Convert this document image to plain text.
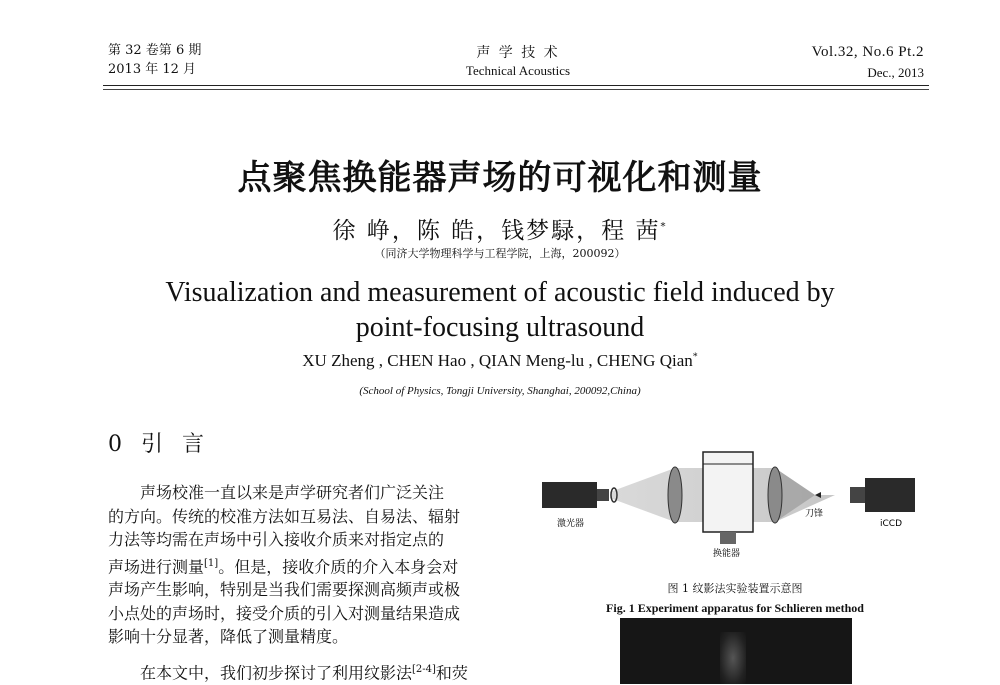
第 32 卷第 6 期
2013 年 12 月
声 学 技 术
Technical Acoustics
Vol.32, No.6 Pt.2
Dec., 2013
点聚焦换能器声场的可视化和测量
徐 峥，陈 皓，钱梦騄，程 茜*
（同济大学物理科学与工程学院，上海，200092）
Visualization and measurement of acoustic field induced by
point-focusing ultrasound
XU Zheng , CHEN Hao , QIAN Meng-lu , CHENG Qian*
(School of Physics, Tongji University, Shanghai, 200092,China)
0 引 言
声场校准一直以来是声学研究者们广泛关注
的方向。传统的校准方法如互易法、自易法、辐射
力法等均需在声场中引入接收介质来对指定点的
声场进行测量[1]。但是，接收介质的介入本身会对
声场产生影响，特别是当我们需要探测高频声或极
小点处的声场时，接受介质的引入对测量结果造成
影响十分显著，降低了测量精度。
在本文中，我们初步探讨了利用纹影法[2-4]和荧
激光器
换能器
刀锋
iCCD
图 1 纹影法实验装置示意图
Fig. 1 Experiment apparatus for Schlieren method
